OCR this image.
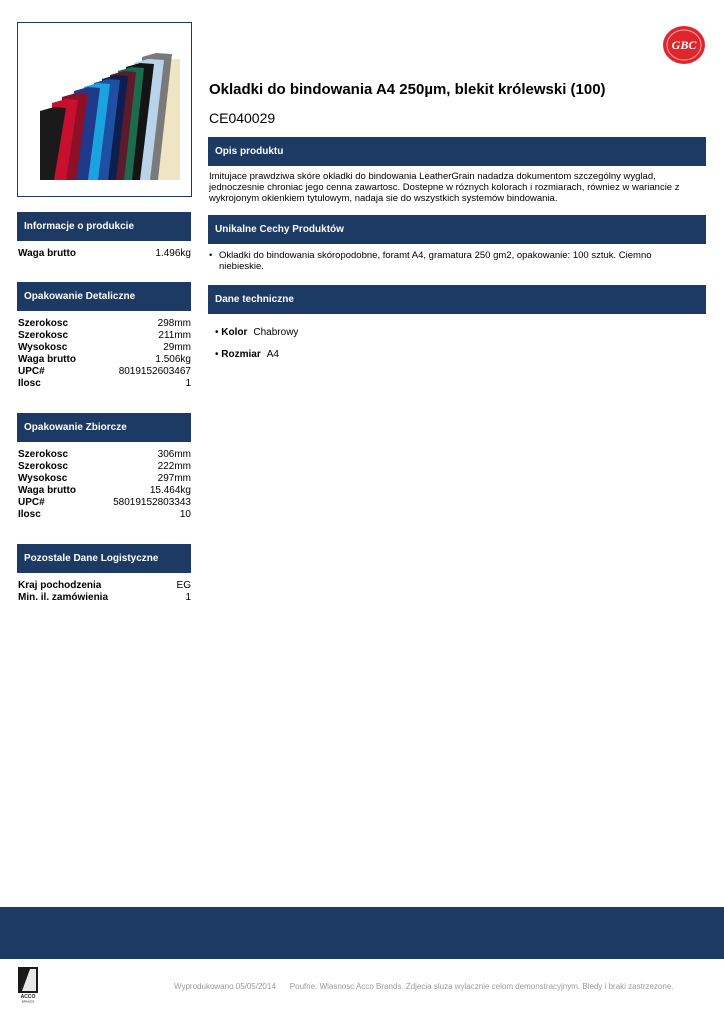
GBC
Okladki do bindowania A4 250µm, blekit królewski (100)
CE040029
Opis produktu
Imitujace prawdziwa skóre okladki do bindowania LeatherGrain nadadza dokumentom szczególny wyglad, jednoczesnie chroniac jego cenna zawartosc. Dostepne w róznych kolorach i rozmiarach, równiez w wariancie z wykrojonym okienkiem tytulowym, nadaja sie do wszystkich systemów bindowania.
Unikalne Cechy Produktów
• Okladki do bindowania skóropodobne, foramt A4, gramatura 250 gm2, opakowanie: 100 sztuk. Ciemno niebieskie.
Dane techniczne
• Kolor Chabrowy
• Rozmiar A4
Informacje o produkcie
Waga brutto	1.496kg
Opakowanie Detaliczne
Szerokosc	298mm
Szerokosc	211mm
Wysokosc	29mm
Waga brutto	1.506kg
UPC#	8019152603467
Ilosc	1
Opakowanie Zbiorcze
Szerokosc	306mm
Szerokosc	222mm
Wysokosc	297mm
Waga brutto	15.464kg
UPC#	58019152803343
Ilosc	10
Pozostale Dane Logistyczne
Kraj pochodzenia	EG
Min. il. zamówienia	1
ACCO
BRANDS
Wyprodukowano 05/05/2014 Poufne. Wlasnosc Acco Brands. Zdjecia sluza wylacznie celom demonstracyjnym. Bledy i braki zastrzezone.
